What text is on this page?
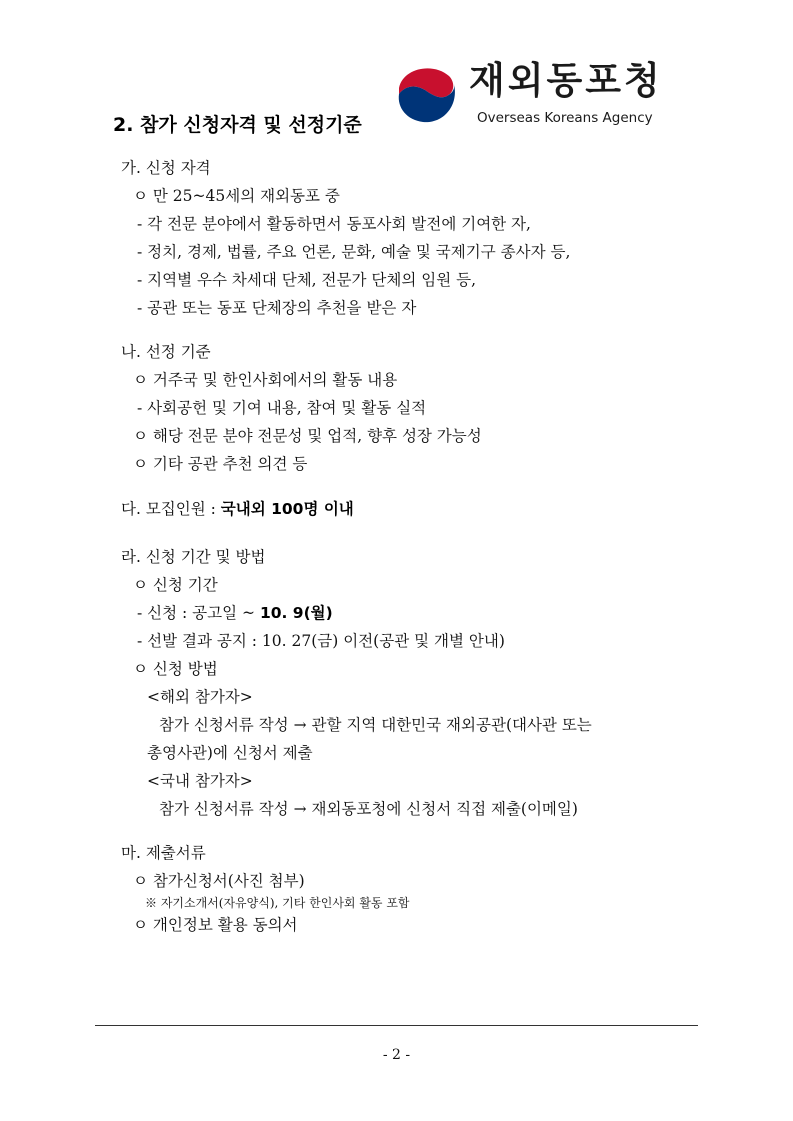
재외동포청
Overseas Koreans Agency
2. 참가 신청자격 및 선정기준
가. 신청 자격
ㅇ 만 25~45세의 재외동포 중
- 각 전문 분야에서 활동하면서 동포사회 발전에 기여한 자,
- 정치, 경제, 법률, 주요 언론, 문화, 예술 및 국제기구 종사자 등,
- 지역별 우수 차세대 단체, 전문가 단체의 임원 등,
- 공관 또는 동포 단체장의 추천을 받은 자
나. 선정 기준
ㅇ 거주국 및 한인사회에서의 활동 내용
- 사회공헌 및 기여 내용, 참여 및 활동 실적
ㅇ 해당 전문 분야 전문성 및 업적, 향후 성장 가능성
ㅇ 기타 공관 추천 의견 등
다. 모집인원 : 국내외 100명 이내
라. 신청 기간 및 방법
ㅇ 신청 기간
- 신청 : 공고일 ~ 10. 9(월)
- 선발 결과 공지 : 10. 27(금) 이전(공관 및 개별 안내)
ㅇ 신청 방법
<해외 참가자>
참가 신청서류 작성 → 관할 지역 대한민국 재외공관(대사관 또는
총영사관)에 신청서 제출
<국내 참가자>
참가 신청서류 작성 → 재외동포청에 신청서 직접 제출(이메일)
마. 제출서류
ㅇ 참가신청서(사진 첨부)
※ 자기소개서(자유양식), 기타 한인사회 활동 포함
ㅇ 개인정보 활용 동의서
- 2 -
